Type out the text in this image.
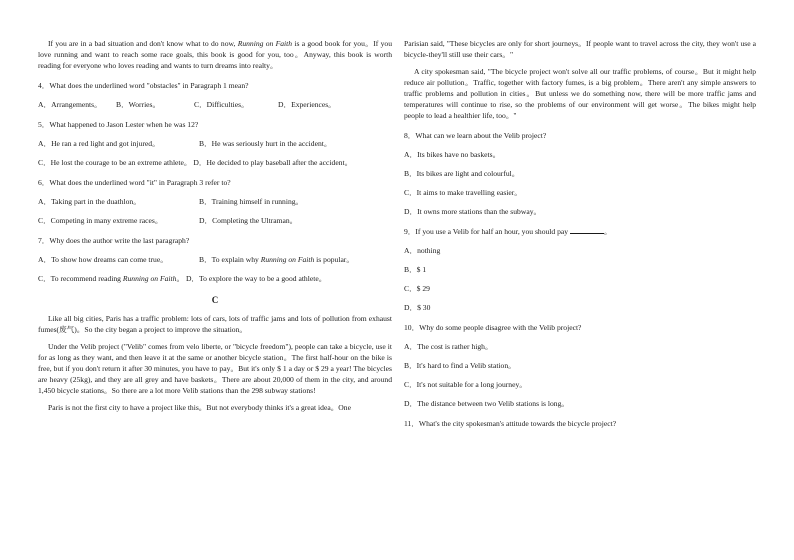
If you are in a bad situation and don't know what to do now, Running on Faith is a good book for you。If you love running and want to reach some race goals, this book is good for you, too。Anyway, this book is worth reading for everyone who loves reading and wants to turn dreams into realty。

4．What does the underlined word "obstacles" in Paragraph 1 mean?

A．Arrangements。 B．Worries。	C．Difficulties。	D．Experiences。

5．What happened to Jason Lester when he was 12?

A．He ran a red light and got injured。	B．He was seriously hurt in the accident。
C．He lost the courage to be an extreme athlete。 D．He decided to play baseball after the accident。

6．What does the underlined word "it" in Paragraph 3 refer to?

A．Taking part in the duathlon。	B．Training himself in running。
C．Competing in many extreme races。	D．Completing the Ultraman。

7．Why does the author write the last paragraph?

A．To show how dreams can come true。	B．To explain why Running on Faith is popular。
C．To recommend reading Running on Faith。 D．To explore the way to be a good athlete。
C

Like all big cities, Paris has a traffic problem: lots of cars, lots of traffic jams and lots of pollution from exhaust fumes(废气)。So the city began a project to improve the situation。

Under the Velib project ("Velib" comes from velo liberte, or "bicycle freedom"), people can take a bicycle, use it for as long as they want, and then leave it at the same or another bicycle station。The first half-hour on the bike is free, but if you don't return it after 30 minutes, you have to pay。But it's only $ 1 a day or $ 29 a year! The bicycles are heavy (25kg), and they are all grey and have baskets。There are about 20,000 of them in the city, and around 1,450 bicycle stations。So there are a lot more Velib stations than the 298 subway stations!

Paris is not the first city to have a project like this。But not everybody thinks it's a great idea。One

Parisian said, "These bicycles are only for short journeys。If people want to travel across the city, they won't use a bicycle-they'll still use their cars。"

A city spokesman said, "The bicycle project won't solve all our traffic problems, of course。But it might help reduce air pollution。Traffic, together with factory fumes, is a big problem。There aren't any simple answers to traffic problems and pollution in cities。But unless we do something now, there will be more traffic jams and temperatures will continue to rise, so the problems of our environment will get worse。The bikes might help people to lead a healthier life, too。"

8．What can we learn about the Velib project?

A．Its bikes have no baskets。

B．Its bikes are light and colourful。

C．It aims to make travelling easier。

D．It owns more stations than the subway。

9．If you use a Velib for half an hour, you should pay	。

A．nothing

B．$ 1

C．$ 29

D．$ 30

10．Why do some people disagree with the Velib project?

A．The cost is rather high。

B．It's hard to find a Velib station。

C．It's not suitable for a long journey。

D．The distance between two Velib stations is long。

11．What's the city spokesman's attitude towards the bicycle project?
